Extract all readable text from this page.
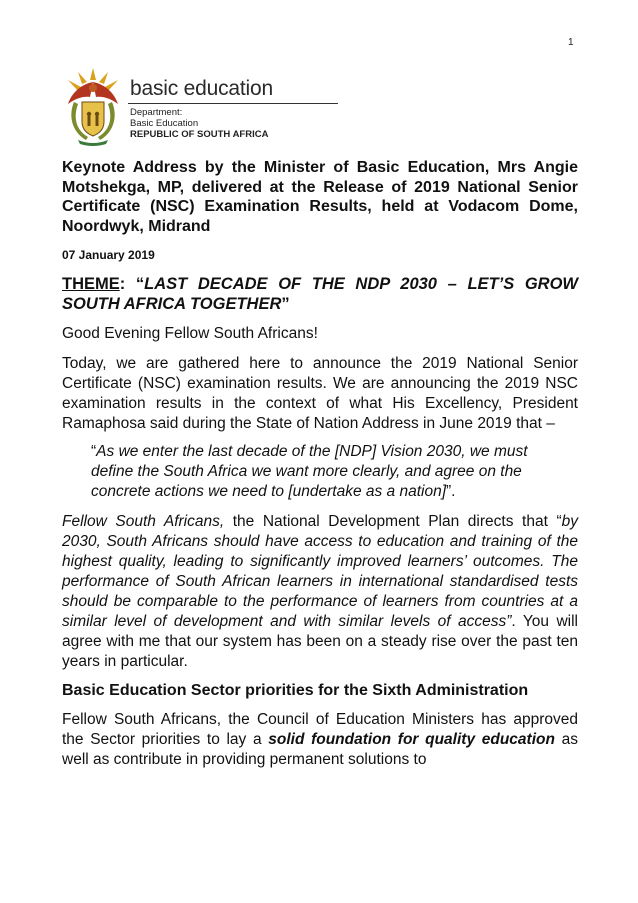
1
basic education
Department:
Basic Education
REPUBLIC OF SOUTH AFRICA

Keynote Address by the Minister of Basic Education, Mrs Angie Motshekga, MP, delivered at the Release of 2019 National Senior Certificate (NSC) Examination Results, held at Vodacom Dome, Noordwyk, Midrand

07 January 2019

THEME: “LAST DECADE OF THE NDP 2030 – LET’S GROW SOUTH AFRICA TOGETHER”

Good Evening Fellow South Africans!

Today, we are gathered here to announce the 2019 National Senior Certificate (NSC) examination results. We are announcing the 2019 NSC examination results in the context of what His Excellency, President Ramaphosa said during the State of Nation Address in June 2019 that –

“As we enter the last decade of the [NDP] Vision 2030, we must define the South Africa we want more clearly, and agree on the concrete actions we need to [undertake as a nation]”.

Fellow South Africans, the National Development Plan directs that “by 2030, South Africans should have access to education and training of the highest quality, leading to significantly improved learners’ outcomes. The performance of South African learners in international standardised tests should be comparable to the performance of learners from countries at a similar level of development and with similar levels of access”. You will agree with me that our system has been on a steady rise over the past ten years in particular.

Basic Education Sector priorities for the Sixth Administration

Fellow South Africans, the Council of Education Ministers has approved the Sector priorities to lay a solid foundation for quality education as well as contribute in providing permanent solutions to
